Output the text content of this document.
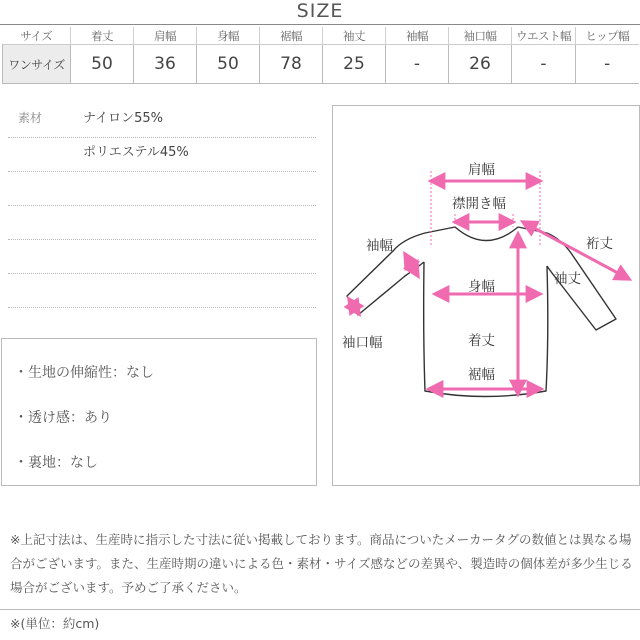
SIZE
サイズ	着丈	肩幅	身幅	裾幅	袖丈	袖幅	袖口幅	ウエスト幅	ヒップ幅
ワンサイズ	50	36	50	78	25	-	26	-	-
素材	ナイロン55%
ポリエステル45%
・生地の伸縮性：なし
・透け感：あり
・裏地：なし
肩幅
襟開き幅
袖幅	裄丈
袖丈
身幅
袖口幅	着丈
裾幅
※上記寸法は、生産時に指示した寸法に従い掲載しております。商品についたメーカータグの数値とは異なる場合がございます。また、生産時期の違いによる色・素材・サイズ感などの差異や、製造時の個体差が多少生じる場合がございます。予めご了承ください。
※(単位：約cm)
